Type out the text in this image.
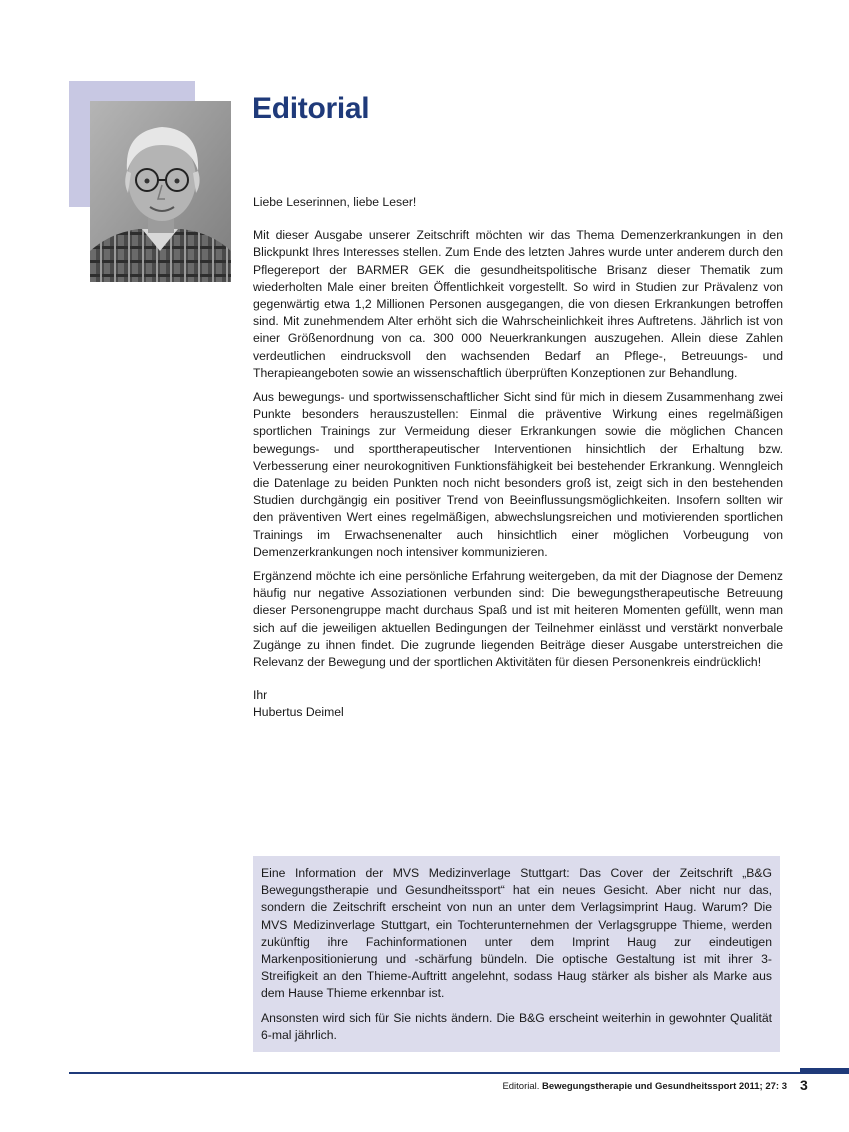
Editorial

Liebe Leserinnen, liebe Leser!

Mit dieser Ausgabe unserer Zeitschrift möchten wir das Thema Demenzerkrankungen in den Blickpunkt Ihres Interesses stellen. Zum Ende des letzten Jahres wurde unter anderem durch den Pflegereport der BARMER GEK die gesundheitspolitische Brisanz dieser Thematik zum wiederholten Male einer breiten Öffentlichkeit vorgestellt. So wird in Studien zur Prävalenz von gegenwärtig etwa 1,2 Millionen Personen ausgegangen, die von diesen Erkrankungen betroffen sind. Mit zunehmendem Alter erhöht sich die Wahrscheinlichkeit ihres Auftretens. Jährlich ist von einer Größenordnung von ca. 300 000 Neuerkrankungen auszugehen. Allein diese Zahlen verdeutlichen eindrucksvoll den wachsenden Bedarf an Pflege-, Betreuungs- und Therapieangeboten sowie an wissenschaftlich überprüften Konzeptionen zur Behandlung.

Aus bewegungs- und sportwissenschaftlicher Sicht sind für mich in diesem Zusammenhang zwei Punkte besonders herauszustellen: Einmal die präventive Wirkung eines regelmäßigen sportlichen Trainings zur Vermeidung dieser Erkrankungen sowie die möglichen Chancen bewegungs- und sporttherapeutischer Interventionen hinsichtlich der Erhaltung bzw. Verbesserung einer neurokognitiven Funktionsfähigkeit bei bestehender Erkrankung. Wenngleich die Datenlage zu beiden Punkten noch nicht besonders groß ist, zeigt sich in den bestehenden Studien durchgängig ein positiver Trend von Beeinflussungsmöglichkeiten. Insofern sollten wir den präventiven Wert eines regelmäßigen, abwechslungsreichen und motivierenden sportlichen Trainings im Erwachsenenalter auch hinsichtlich einer möglichen Vorbeugung von Demenzerkrankungen noch intensiver kommunizieren.

Ergänzend möchte ich eine persönliche Erfahrung weitergeben, da mit der Diagnose der Demenz häufig nur negative Assoziationen verbunden sind: Die bewegungstherapeutische Betreuung dieser Personengruppe macht durchaus Spaß und ist mit heiteren Momenten gefüllt, wenn man sich auf die jeweiligen aktuellen Bedingungen der Teilnehmer einlässt und verstärkt nonverbale Zugänge zu ihnen findet. Die zugrunde liegenden Beiträge dieser Ausgabe unterstreichen die Relevanz der Bewegung und der sportlichen Aktivitäten für diesen Personenkreis eindrücklich!

Ihr
Hubertus Deimel

Eine Information der MVS Medizinverlage Stuttgart: Das Cover der Zeitschrift „B&G Bewegungstherapie und Gesundheitssport“ hat ein neues Gesicht. Aber nicht nur das, sondern die Zeitschrift erscheint von nun an unter dem Verlagsimprint Haug. Warum? Die MVS Medizinverlage Stuttgart, ein Tochterunternehmen der Verlagsgruppe Thieme, werden zukünftig ihre Fachinformationen unter dem Imprint Haug zur eindeutigen Markenpositionierung und -schärfung bündeln. Die optische Gestaltung ist mit ihrer 3-Streifigkeit an den Thieme-Auftritt angelehnt, sodass Haug stärker als bisher als Marke aus dem Hause Thieme erkennbar ist.

Ansonsten wird sich für Sie nichts ändern. Die B&G erscheint weiterhin in gewohnter Qualität 6-mal jährlich.

Editorial. Bewegungstherapie und Gesundheitssport 2011; 27: 3 3
